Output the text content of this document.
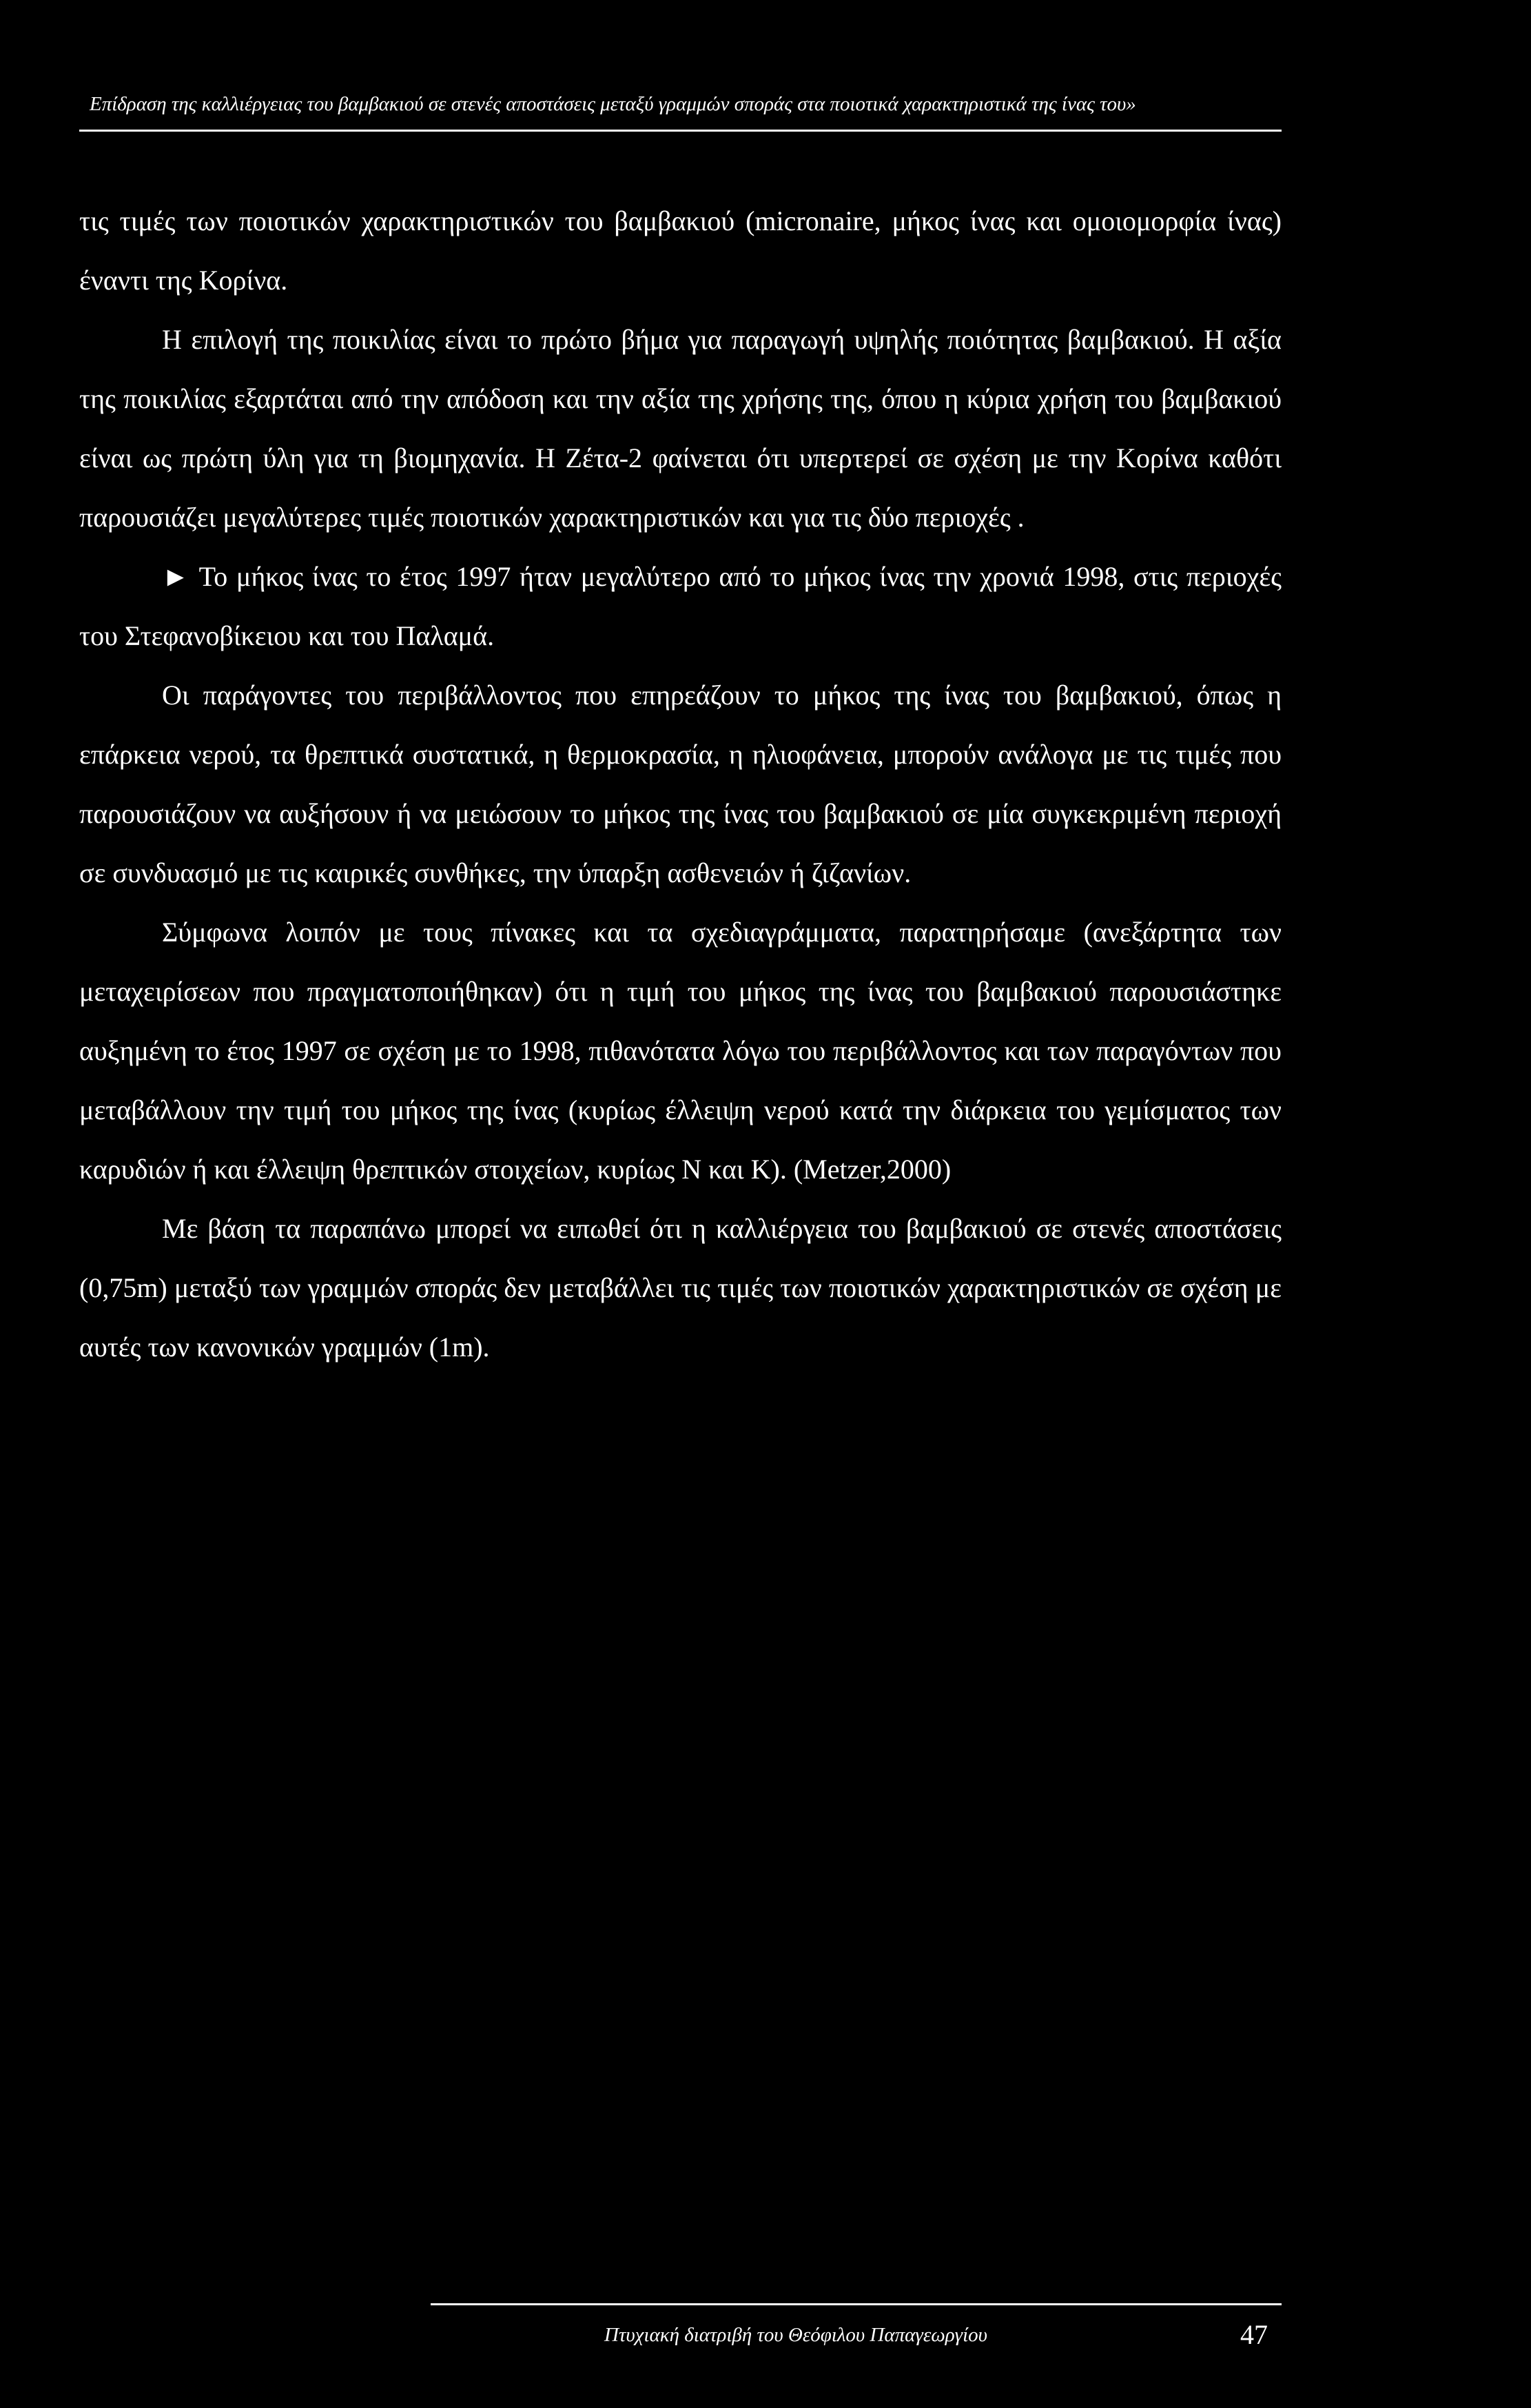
Επίδραση της καλλιέργειας του βαμβακιού σε στενές αποστάσεις μεταξύ γραμμών σποράς στα ποιοτικά χαρακτηριστικά της ίνας του»

τις τιμές των ποιοτικών χαρακτηριστικών του βαμβακιού (micronaire, μήκος ίνας και ομοιομορφία ίνας) έναντι της Κορίνα.

Η επιλογή της ποικιλίας είναι το πρώτο βήμα για παραγωγή υψηλής ποιότητας βαμβακιού. Η αξία της ποικιλίας εξαρτάται από την απόδοση και την αξία της χρήσης της, όπου η κύρια χρήση του βαμβακιού είναι ως πρώτη ύλη για τη βιομηχανία. Η Ζέτα-2 φαίνεται ότι υπερτερεί σε σχέση με την Κορίνα καθότι παρουσιάζει μεγαλύτερες τιμές ποιοτικών χαρακτηριστικών και για τις δύο περιοχές .

► Το μήκος ίνας το έτος 1997 ήταν μεγαλύτερο από το μήκος ίνας την χρονιά 1998, στις περιοχές του Στεφανοβίκειου και του Παλαμά.

Οι παράγοντες του περιβάλλοντος που επηρεάζουν το μήκος της ίνας του βαμβακιού, όπως η επάρκεια νερού, τα θρεπτικά συστατικά, η θερμοκρασία, η ηλιοφάνεια, μπορούν ανάλογα με τις τιμές που παρουσιάζουν να αυξήσουν ή να μειώσουν το μήκος της ίνας του βαμβακιού σε μία συγκεκριμένη περιοχή σε συνδυασμό με τις καιρικές συνθήκες, την ύπαρξη ασθενειών ή ζιζανίων.

Σύμφωνα λοιπόν με τους πίνακες και τα σχεδιαγράμματα, παρατηρήσαμε (ανεξάρτητα των μεταχειρίσεων που πραγματοποιήθηκαν) ότι η τιμή του μήκος της ίνας του βαμβακιού παρουσιάστηκε αυξημένη το έτος 1997 σε σχέση με το 1998, πιθανότατα λόγω του περιβάλλοντος και των παραγόντων που μεταβάλλουν την τιμή του μήκος της ίνας (κυρίως έλλειψη νερού κατά την διάρκεια του γεμίσματος των καρυδιών ή και έλλειψη θρεπτικών στοιχείων, κυρίως N και K). (Metzer,2000)

Με βάση τα παραπάνω μπορεί να ειπωθεί ότι η καλλιέργεια του βαμβακιού σε στενές αποστάσεις (0,75m) μεταξύ των γραμμών σποράς δεν μεταβάλλει τις τιμές των ποιοτικών χαρακτηριστικών σε σχέση με αυτές των κανονικών γραμμών (1m).

Πτυχιακή διατριβή του Θεόφιλου Παπαγεωργίου	47
